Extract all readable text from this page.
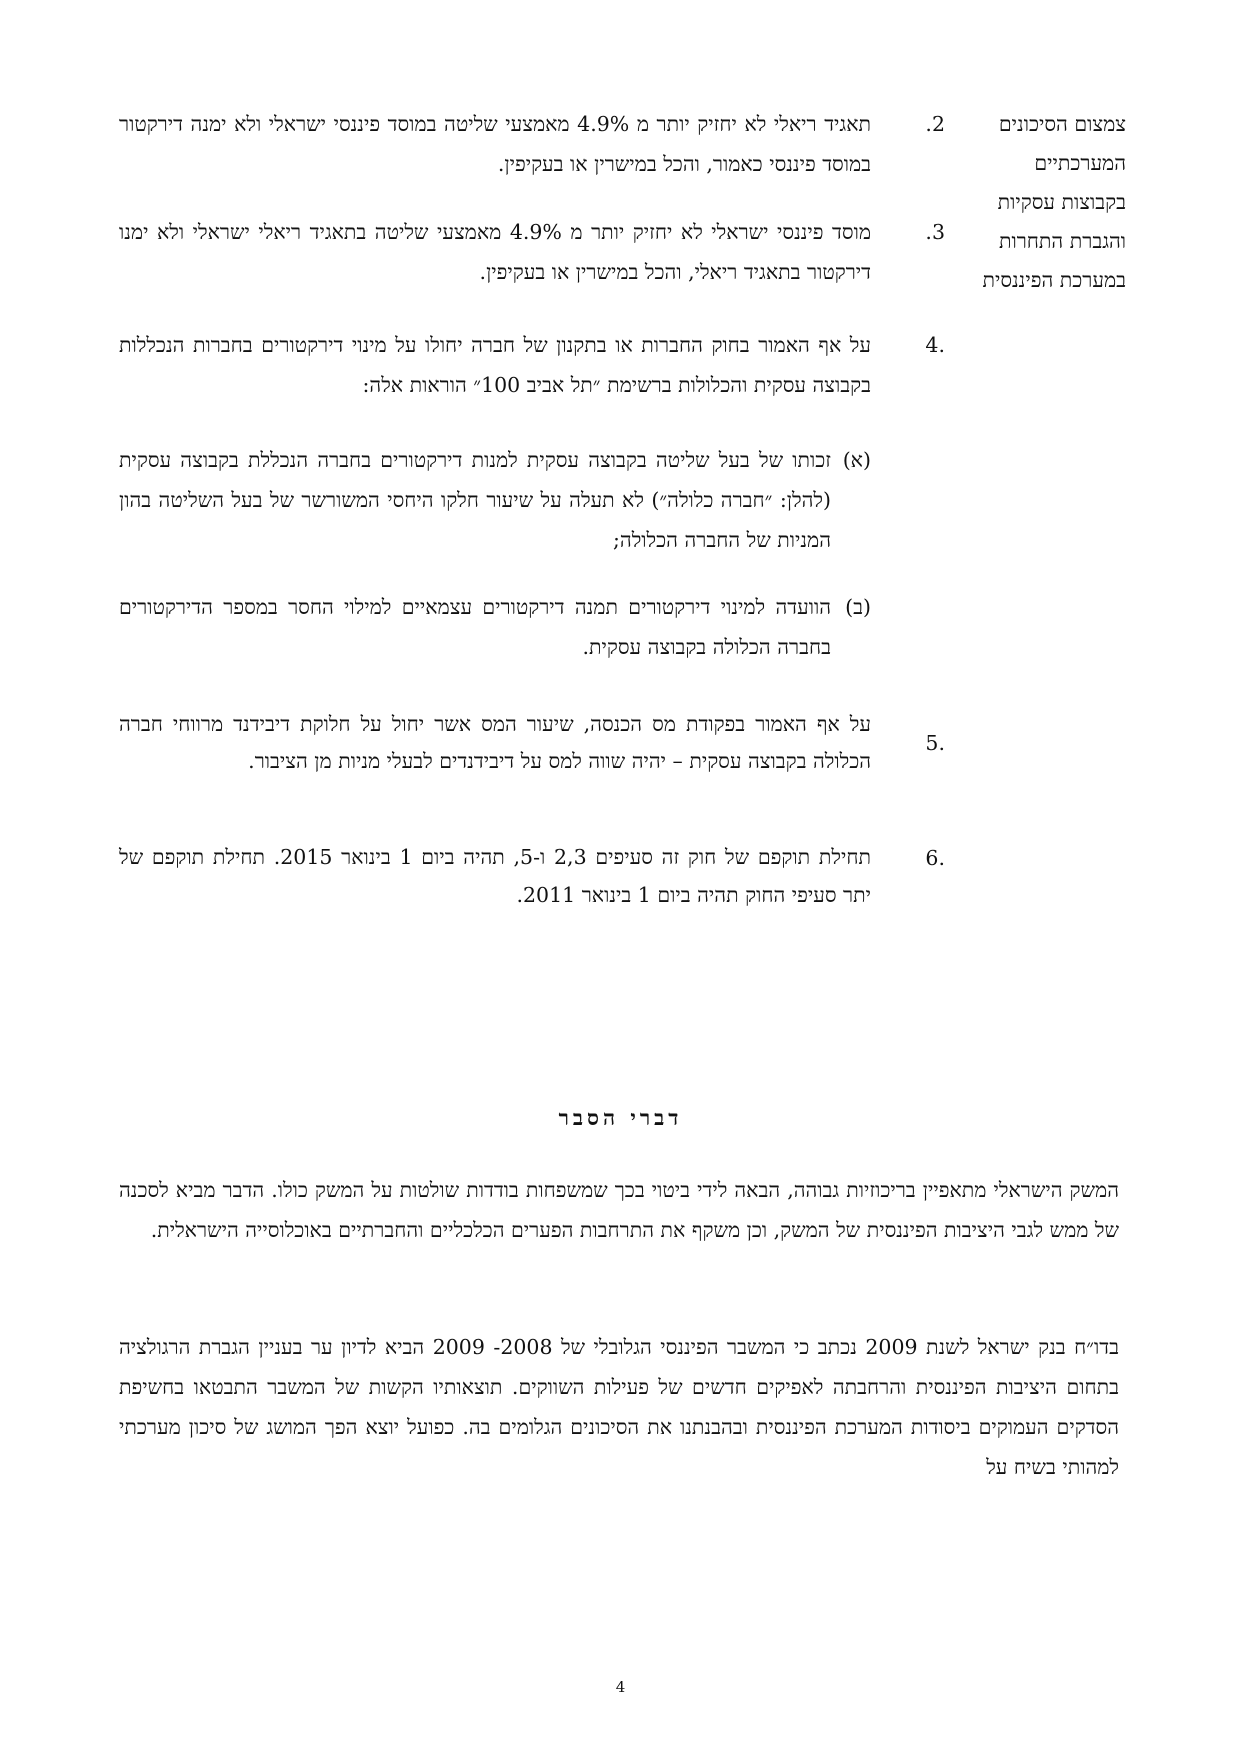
צמצום הסיכונים
המערכתיים
בקבוצות עסקיות
והגברת התחרות
במערכת הפיננסית
2.
תאגיד ריאלי לא יחזיק יותר מ 4.9% מאמצעי שליטה במוסד פיננסי ישראלי ולא ימנה דירקטור במוסד פיננסי כאמור, והכל במישרין או בעקיפין.
3.
מוסד פיננסי ישראלי לא יחזיק יותר מ 4.9% מאמצעי שליטה בתאגיד ריאלי ישראלי ולא ימנו דירקטור בתאגיד ריאלי, והכל במישרין או בעקיפין.
.4
על אף האמור בחוק החברות או בתקנון של חברה יחולו על מינוי דירקטורים בחברות הנכללות בקבוצה עסקית והכלולות ברשימת ״תל אביב 100״ הוראות אלה:
(א)
זכותו של בעל שליטה בקבוצה עסקית למנות דירקטורים בחברה הנכללת בקבוצה עסקית (להלן: ״חברה כלולה״) לא תעלה על שיעור חלקו היחסי המשורשר של בעל השליטה בהון המניות של החברה הכלולה;
(ב)
הוועדה למינוי דירקטורים תמנה דירקטורים עצמאיים למילוי החסר במספר הדירקטורים בחברה הכלולה בקבוצה עסקית.
.5
על אף האמור בפקודת מס הכנסה, שיעור המס אשר יחול על חלוקת דיבידנד מרווחי חברה הכלולה בקבוצה עסקית – יהיה שווה למס על דיבידנדים לבעלי מניות מן הציבור.
.6
תחילת תוקפם של חוק זה סעיפים 2,3 ו-5, תהיה ביום 1 בינואר 2015. תחילת תוקפם של יתר סעיפי החוק תהיה ביום 1 בינואר 2011.
דברי הסבר
המשק הישראלי מתאפיין בריכוזיות גבוהה, הבאה לידי ביטוי בכך שמשפחות בודדות שולטות על המשק כולו. הדבר מביא לסכנה של ממש לגבי היציבות הפיננסית של המשק, וכן משקף את התרחבות הפערים הכלכליים והחברתיים באוכלוסייה הישראלית.
בדו״ח בנק ישראל לשנת 2009 נכתב כי המשבר הפיננסי הגלובלי של 2008- 2009 הביא לדיון ער בעניין הגברת הרגולציה בתחום היציבות הפיננסית והרחבתה לאפיקים חדשים של פעילות השווקים. תוצאותיו הקשות של המשבר התבטאו בחשיפת הסדקים העמוקים ביסודות המערכת הפיננסית ובהבנתנו את הסיכונים הגלומים בה. כפועל יוצא הפך המושג של סיכון מערכתי למהותי בשיח על
4
